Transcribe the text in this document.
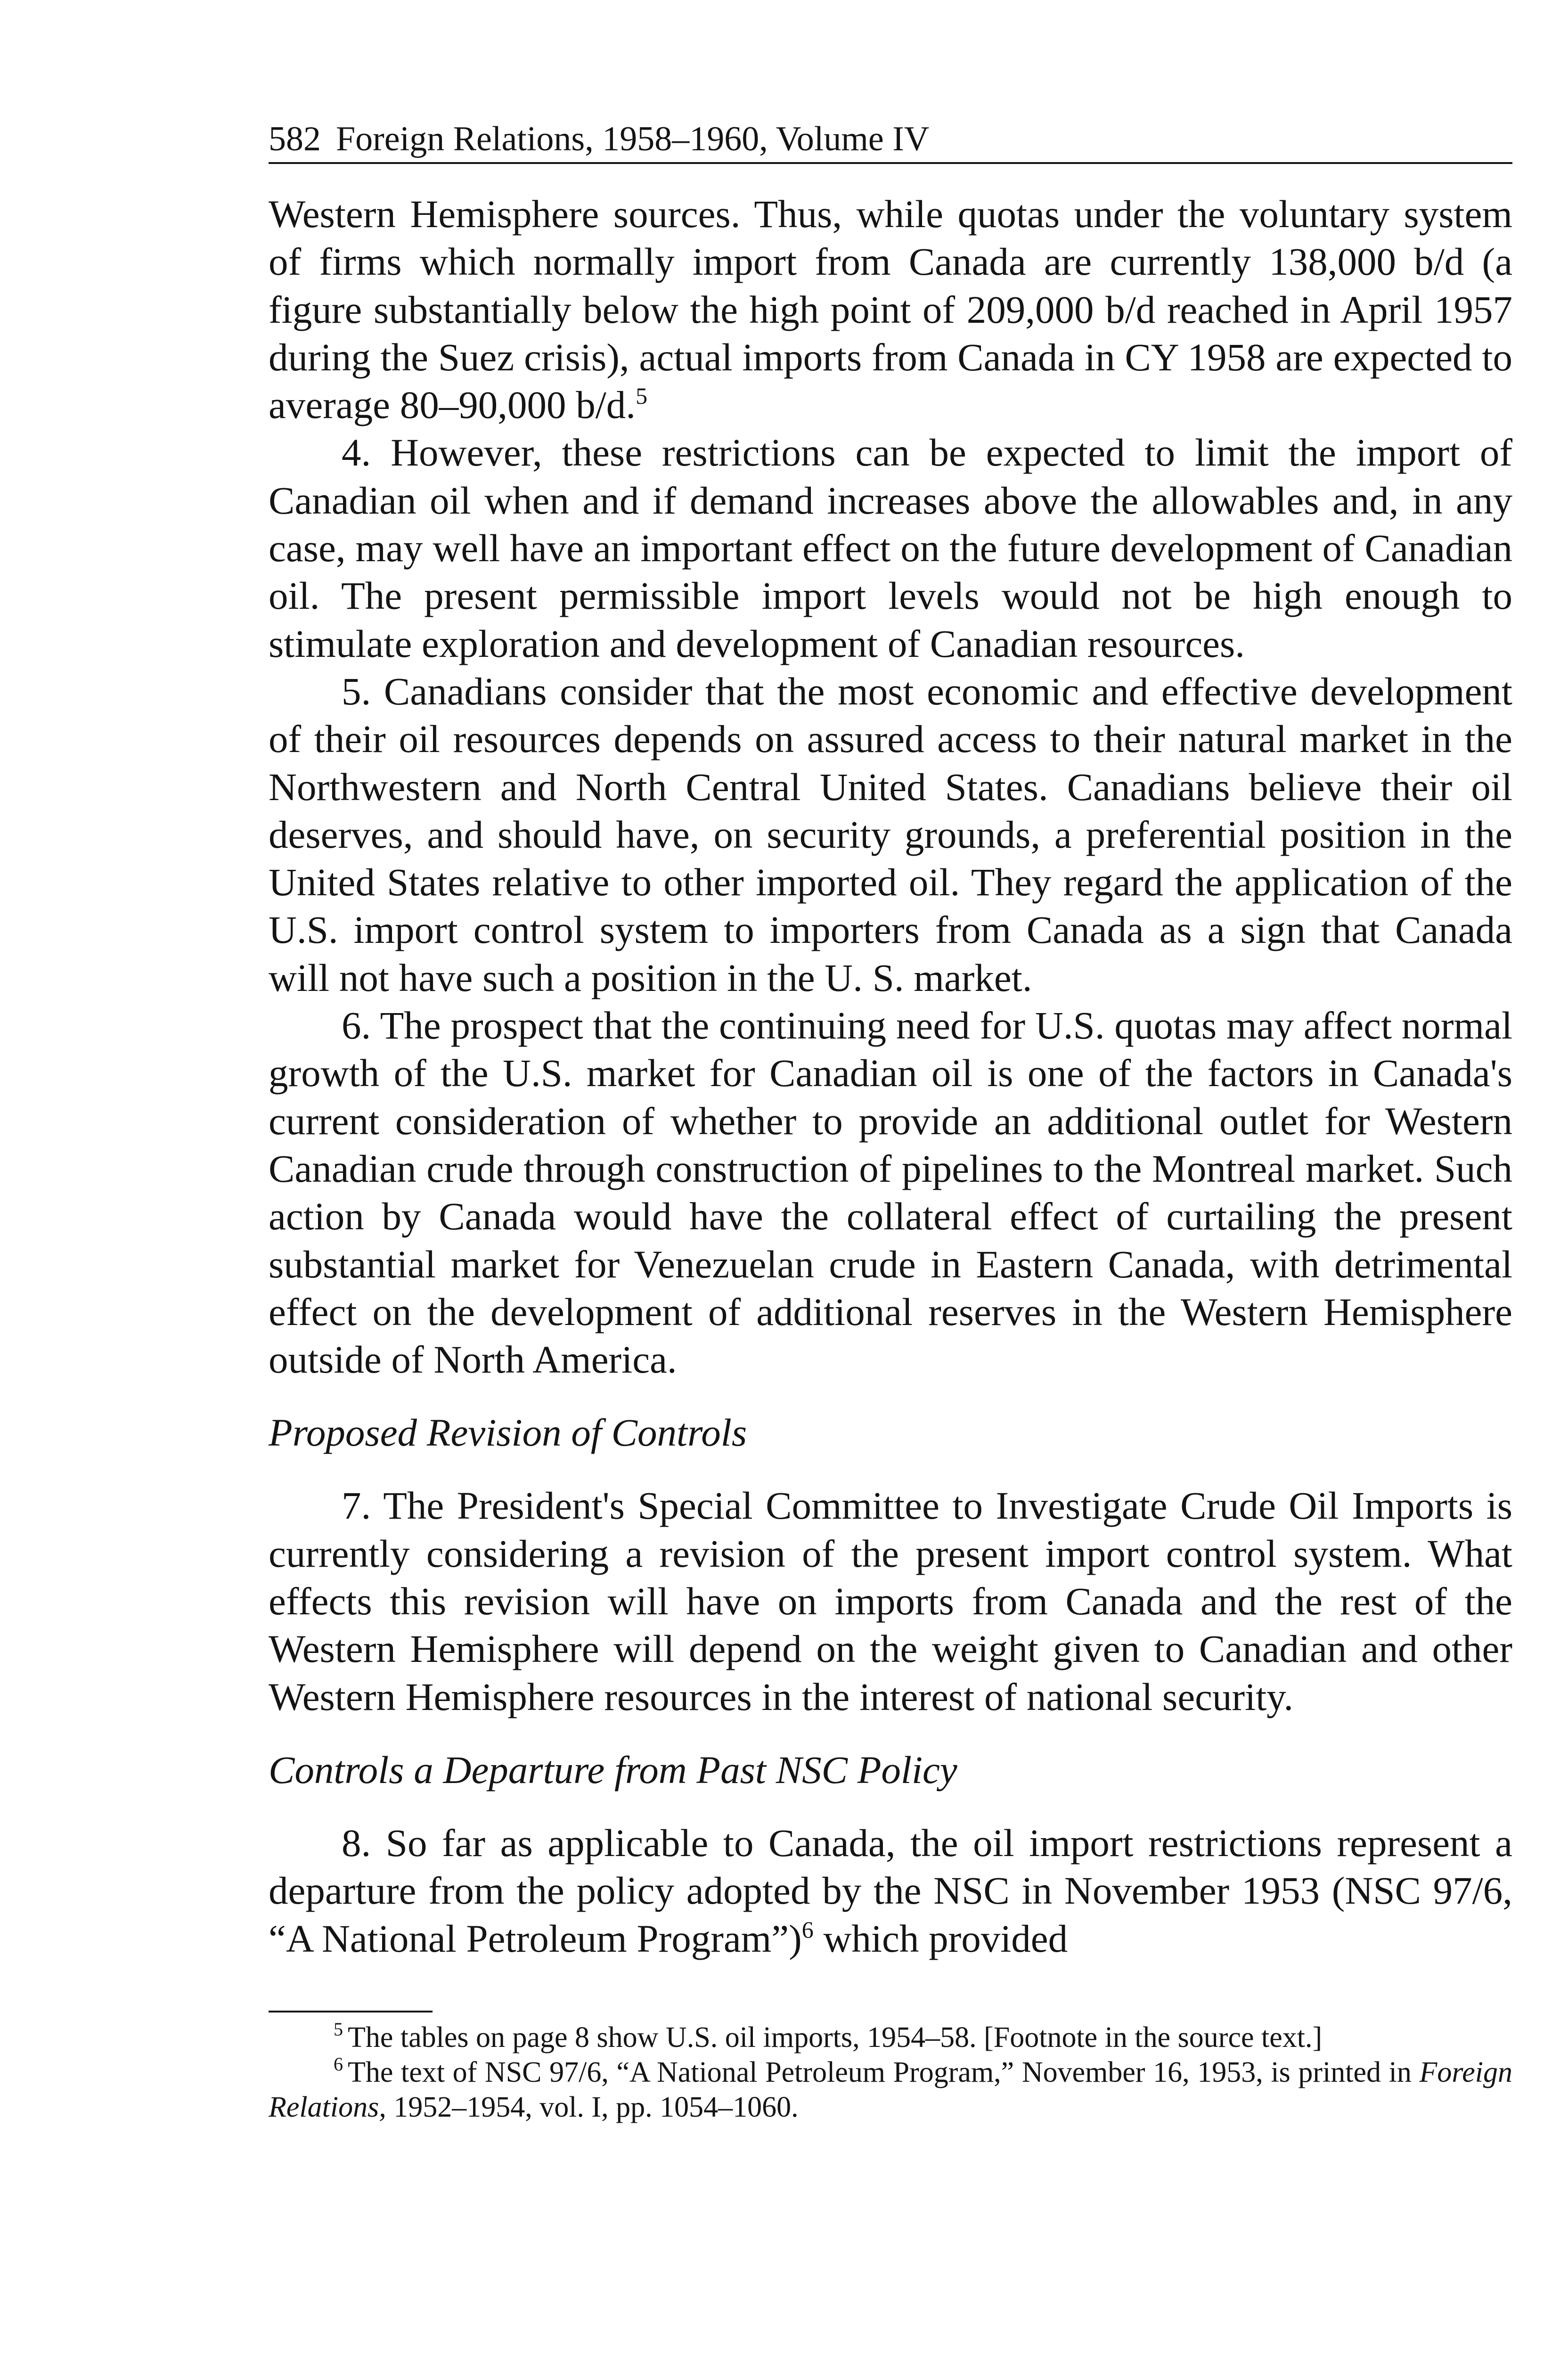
582 Foreign Relations, 1958–1960, Volume IV

Western Hemisphere sources. Thus, while quotas under the voluntary system of firms which normally import from Canada are currently 138,000 b/d (a figure substantially below the high point of 209,000 b/d reached in April 1957 during the Suez crisis), actual imports from Canada in CY 1958 are expected to average 80–90,000 b/d.$^5$

4. However, these restrictions can be expected to limit the import of Canadian oil when and if demand increases above the allowables and, in any case, may well have an important effect on the future development of Canadian oil. The present permissible import levels would not be high enough to stimulate exploration and development of Canadian resources.

5. Canadians consider that the most economic and effective development of their oil resources depends on assured access to their natural market in the Northwestern and North Central United States. Canadians believe their oil deserves, and should have, on security grounds, a preferential position in the United States relative to other imported oil. They regard the application of the U.S. import control system to importers from Canada as a sign that Canada will not have such a position in the U. S. market.

6. The prospect that the continuing need for U.S. quotas may affect normal growth of the U.S. market for Canadian oil is one of the factors in Canada's current consideration of whether to provide an additional outlet for Western Canadian crude through construction of pipelines to the Montreal market. Such action by Canada would have the collateral effect of curtailing the present substantial market for Venezuelan crude in Eastern Canada, with detrimental effect on the development of additional reserves in the Western Hemisphere outside of North America.

Proposed Revision of Controls

7. The President's Special Committee to Investigate Crude Oil Imports is currently considering a revision of the present import control system. What effects this revision will have on imports from Canada and the rest of the Western Hemisphere will depend on the weight given to Canadian and other Western Hemisphere resources in the interest of national security.

Controls a Departure from Past NSC Policy

8. So far as applicable to Canada, the oil import restrictions represent a departure from the policy adopted by the NSC in November 1953 (NSC 97/6, “A National Petroleum Program”)$^6$ which provided

$^5$ The tables on page 8 show U.S. oil imports, 1954–58. [Footnote in the source text.]

$^6$ The text of NSC 97/6, “A National Petroleum Program,” November 16, 1953, is printed in Foreign Relations, 1952–1954, vol. I, pp. 1054–1060.
